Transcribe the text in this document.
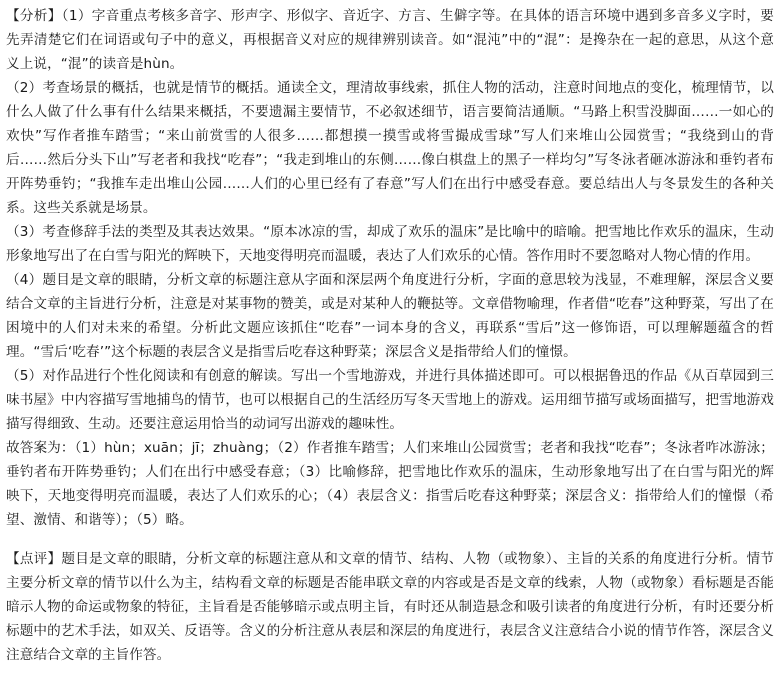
【分析】（1）字音重点考核多音字、形声字、形似字、音近字、方言、生僻字等。在具体的语言环境中遇到多音多义字时，要先弄清楚它们在词语或句子中的意义，再根据音义对应的规律辨别读音。如“混沌”中的“混”：是搀杂在一起的意思，从这个意义上说，“混”的读音是hùn。

（2）考查场景的概括，也就是情节的概括。通读全文，理清故事线索，抓住人物的活动，注意时间地点的变化，梳理情节，以什么人做了什么事有什么结果来概括，不要遗漏主要情节，不必叙述细节，语言要简洁通顺。“马路上积雪没脚面……一如心的欢快”写作者推车踏雪；“来山前赏雪的人很多……都想摸一摸雪或将雪撮成雪球”写人们来堆山公园赏雪；“我绕到山的背后……然后分头下山”写老者和我找“吃春”；“我走到堆山的东侧……像白棋盘上的黑子一样均匀”写冬泳者砸冰游泳和垂钓者布开阵势垂钓；“我推车走出堆山公园……人们的心里已经有了春意”写人们在出行中感受春意。要总结出人与冬景发生的各种关系。这些关系就是场景。

（3）考查修辞手法的类型及其表达效果。“原本冰凉的雪，却成了欢乐的温床”是比喻中的暗喻。把雪地比作欢乐的温床，生动形象地写出了在白雪与阳光的辉映下，天地变得明亮而温暖，表达了人们欢乐的心情。答作用时不要忽略对人物心情的作用。

（4）题目是文章的眼睛，分析文章的标题注意从字面和深层两个角度进行分析，字面的意思较为浅显，不难理解，深层含义要结合文章的主旨进行分析，注意是对某事物的赞美，或是对某种人的鞭挞等。文章借物喻理，作者借“吃春”这种野菜，写出了在困境中的人们对未来的希望。分析此文题应该抓住“吃春”一词本身的含义，再联系“雪后”这一修饰语，可以理解题蕴含的哲理。“雪后‘吃春’”这个标题的表层含义是指雪后吃春这种野菜；深层含义是指带给人们的憧憬。

（5）对作品进行个性化阅读和有创意的解读。写出一个雪地游戏，并进行具体描述即可。可以根据鲁迅的作品《从百草园到三味书屋》中内容描写雪地捕鸟的情节，也可以根据自己的生活经历写冬天雪地上的游戏。运用细节描写或场面描写，把雪地游戏描写得细致、生动。还要注意运用恰当的动词写出游戏的趣味性。

故答案为：（1）hùn；xuān；jī；zhuàng；（2）作者推车踏雪；人们来堆山公园赏雪；老者和我找“吃春”；冬泳者咋冰游泳；垂钓者布开阵势垂钓；人们在出行中感受春意；（3）比喻修辞，把雪地比作欢乐的温床，生动形象地写出了在白雪与阳光的辉映下，天地变得明亮而温暖，表达了人们欢乐的心；（4）表层含义：指雪后吃春这种野菜；深层含义：指带给人们的憧憬（希望、激情、和谐等）；（5）略。

【点评】题目是文章的眼睛，分析文章的标题注意从和文章的情节、结构、人物（或物象）、主旨的关系的角度进行分析。情节主要分析文章的情节以什么为主，结构看文章的标题是否能串联文章的内容或是否是文章的线索，人物（或物象）看标题是否能暗示人物的命运或物象的特征，主旨看是否能够暗示或点明主旨，有时还从制造悬念和吸引读者的角度进行分析，有时还要分析标题中的艺术手法，如双关、反语等。含义的分析注意从表层和深层的角度进行，表层含义注意结合小说的情节作答，深层含义注意结合文章的主旨作答。
